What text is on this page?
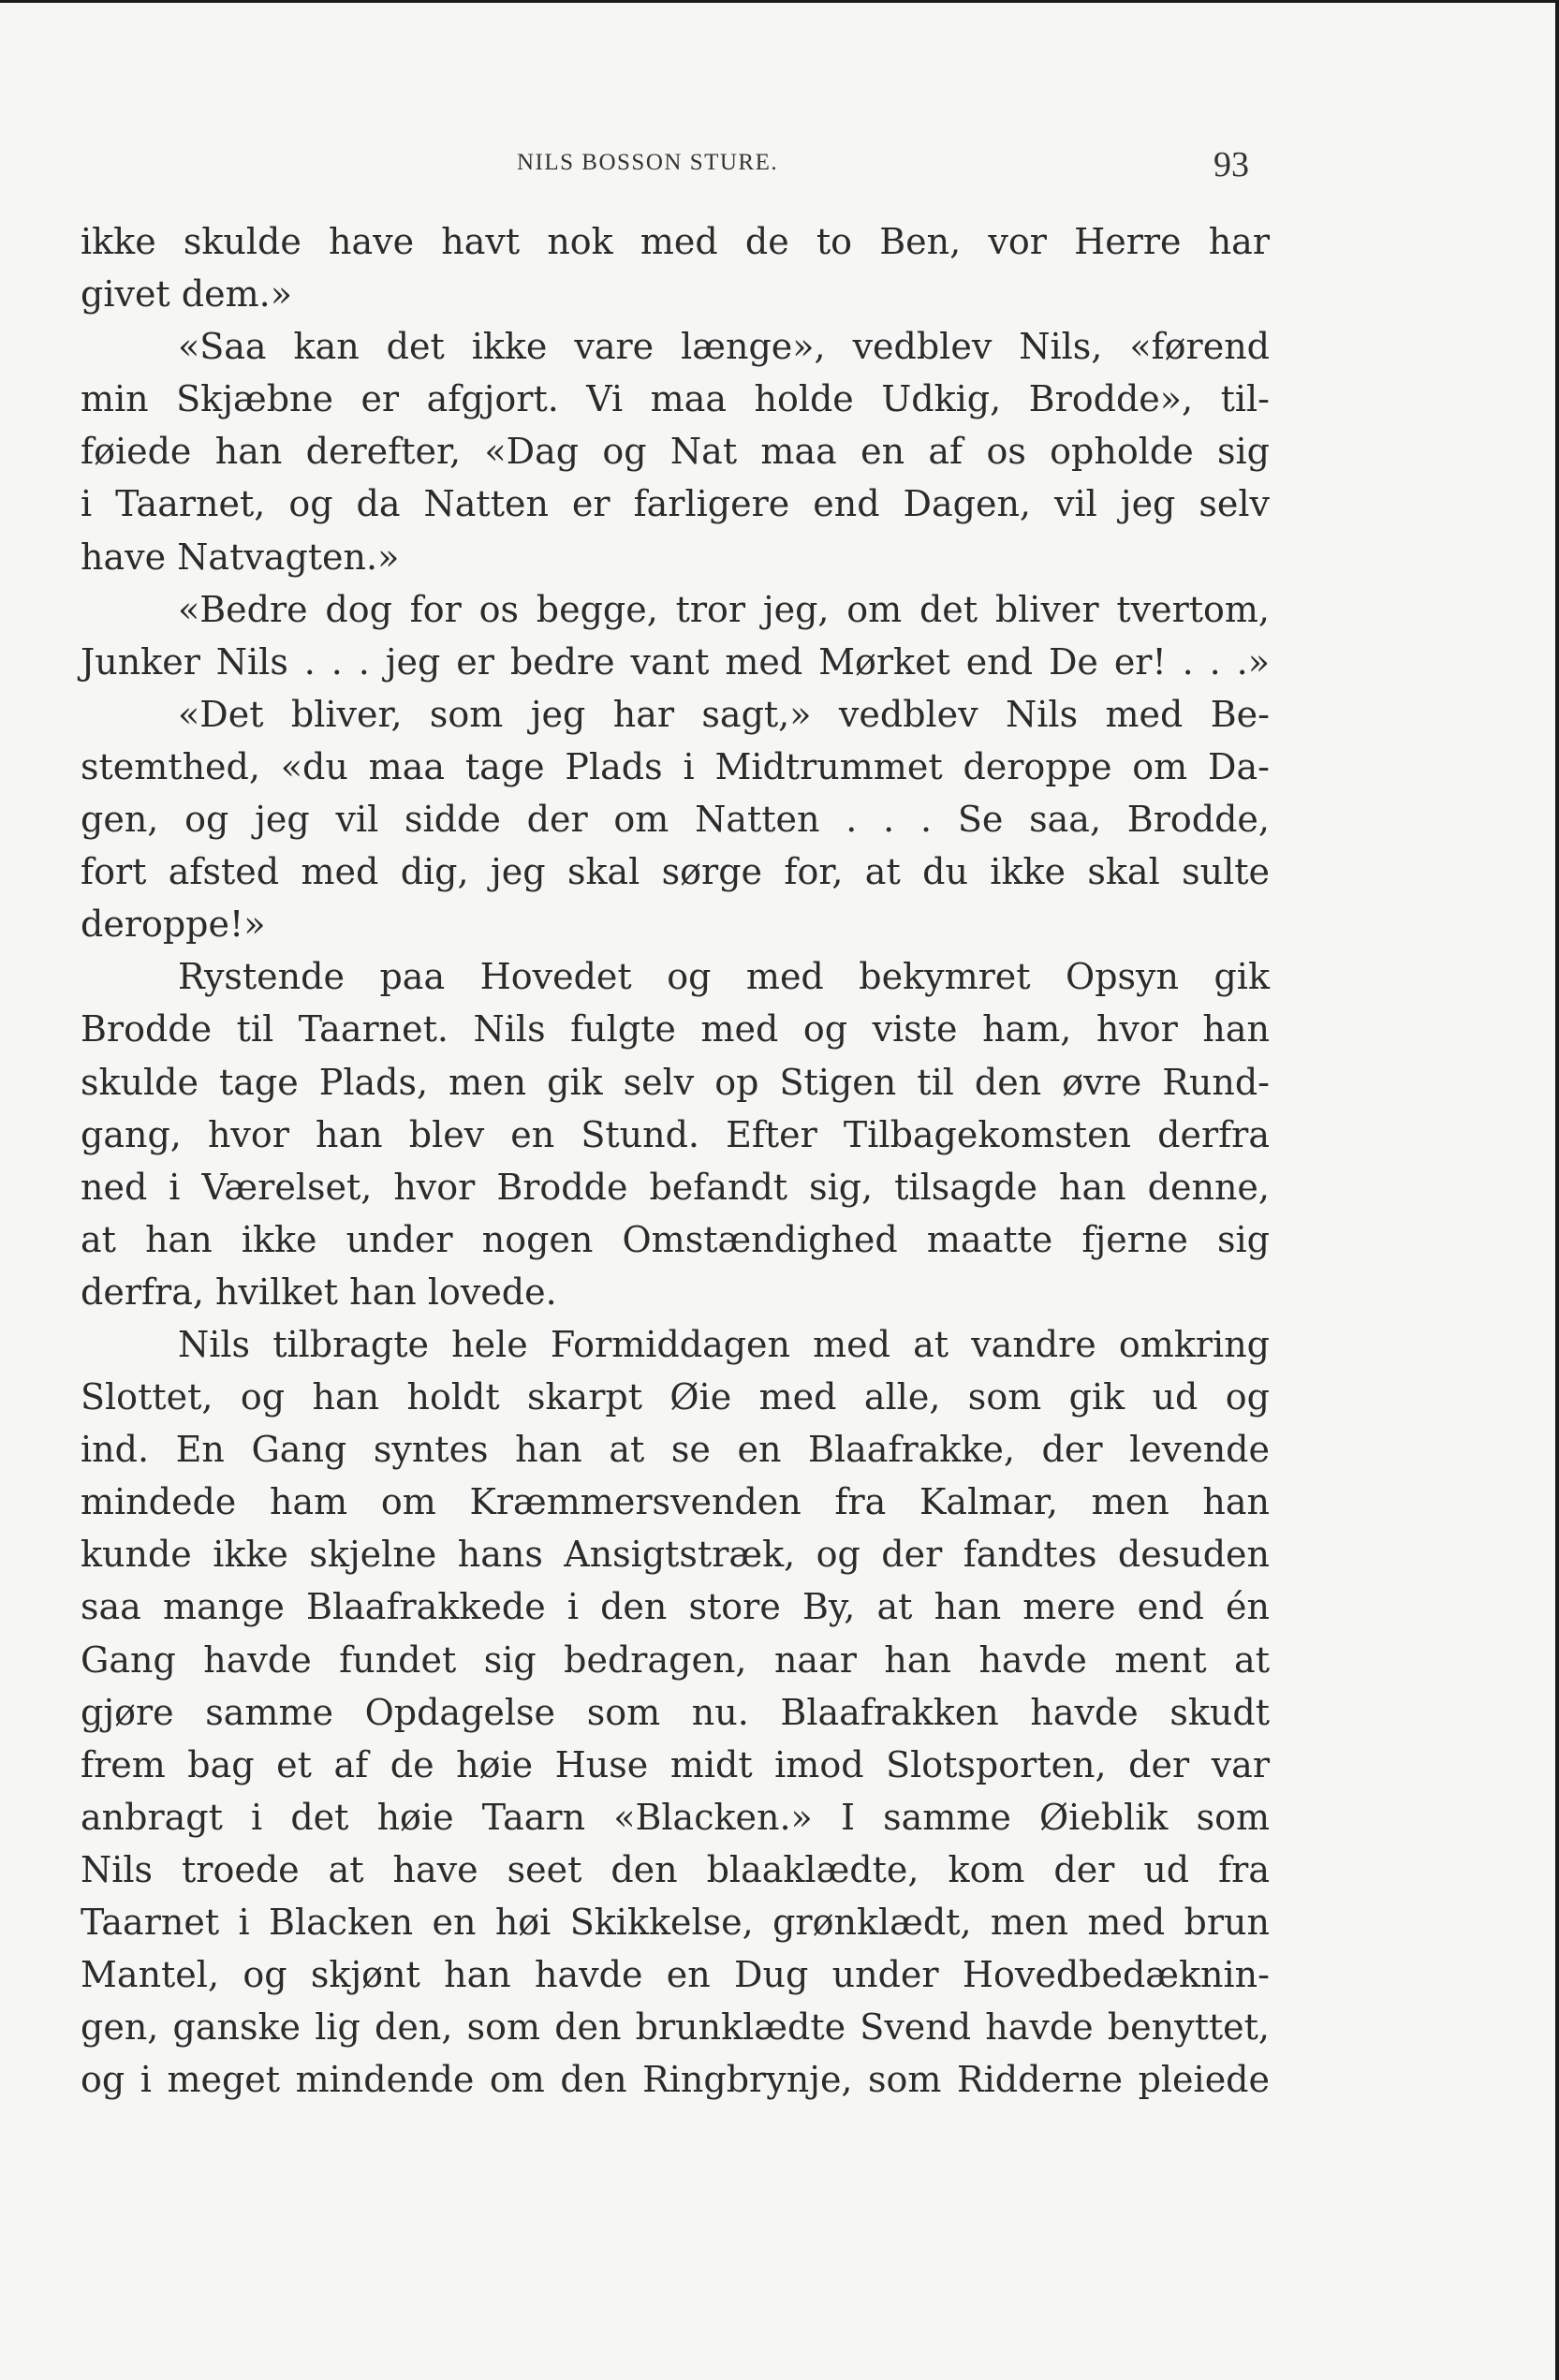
NILS BOSSON STURE.	93
ikke skulde have havt nok med de to Ben, vor Herre har
givet dem.»
«Saa kan det ikke vare længe», vedblev Nils, «førend
min Skjæbne er afgjort. Vi maa holde Udkig, Brodde», til-
føiede han derefter, «Dag og Nat maa en af os opholde sig
i Taarnet, og da Natten er farligere end Dagen, vil jeg selv
have Natvagten.»
«Bedre dog for os begge, tror jeg, om det bliver tvertom,
Junker Nils . . . jeg er bedre vant med Mørket end De er! . . .»
«Det bliver, som jeg har sagt,» vedblev Nils med Be-
stemthed, «du maa tage Plads i Midtrummet deroppe om Da-
gen, og jeg vil sidde der om Natten . . . Se saa, Brodde,
fort afsted med dig, jeg skal sørge for, at du ikke skal sulte
deroppe!»
Rystende paa Hovedet og med bekymret Opsyn gik
Brodde til Taarnet. Nils fulgte med og viste ham, hvor han
skulde tage Plads, men gik selv op Stigen til den øvre Rund-
gang, hvor han blev en Stund. Efter Tilbagekomsten derfra
ned i Værelset, hvor Brodde befandt sig, tilsagde han denne,
at han ikke under nogen Omstændighed maatte fjerne sig
derfra, hvilket han lovede.
Nils tilbragte hele Formiddagen med at vandre omkring
Slottet, og han holdt skarpt Øie med alle, som gik ud og
ind. En Gang syntes han at se en Blaafrakke, der levende
mindede ham om Kræmmersvenden fra Kalmar, men han
kunde ikke skjelne hans Ansigtstræk, og der fandtes desuden
saa mange Blaafrakkede i den store By, at han mere end én
Gang havde fundet sig bedragen, naar han havde ment at
gjøre samme Opdagelse som nu. Blaafrakken havde skudt
frem bag et af de høie Huse midt imod Slotsporten, der var
anbragt i det høie Taarn «Blacken.» I samme Øieblik som
Nils troede at have seet den blaaklædte, kom der ud fra
Taarnet i Blacken en høi Skikkelse, grønklædt, men med brun
Mantel, og skjønt han havde en Dug under Hovedbedæknin-
gen, ganske lig den, som den brunklædte Svend havde benyttet,
og i meget mindende om den Ringbrynje, som Ridderne pleiede
